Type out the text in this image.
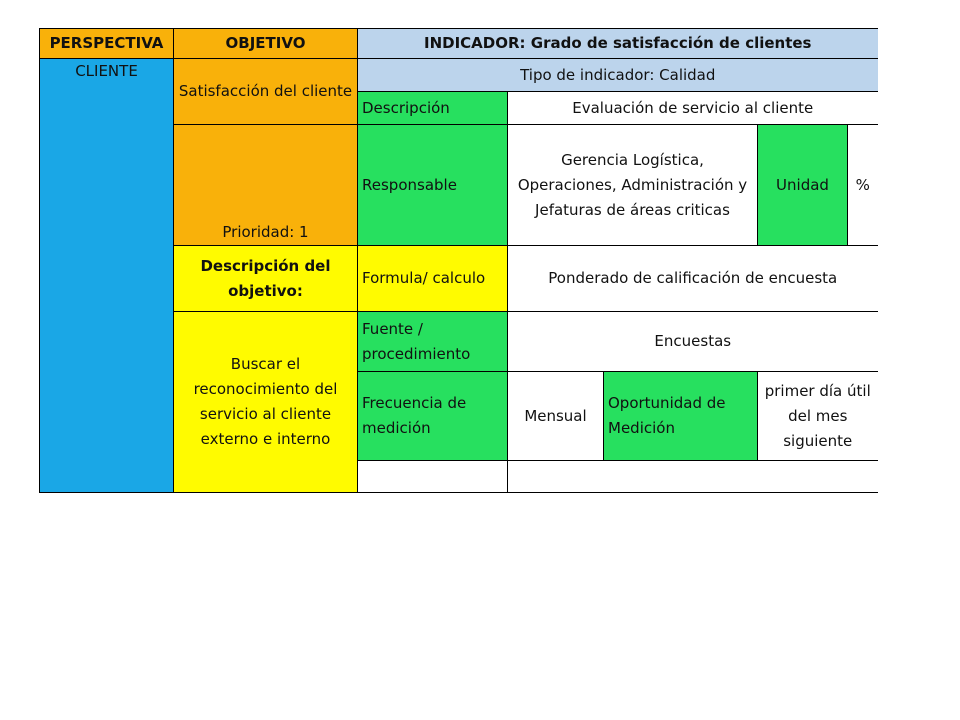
PERSPECTIVA	OBJETIVO	INDICADOR: Grado de satisfacción de clientes				
CLIENTE	Satisfacción del cliente	Tipo de indicador: Calidad				
		Descripción	Evaluación de servicio al cliente			
	Prioridad: 1	Responsable	Gerencia Logística, Operaciones, Administración y Jefaturas de áreas criticas		Unidad	%
	Descripción del objetivo:	Formula/ calculo	Ponderado de calificación de encuesta			
	Buscar el reconocimiento del servicio al cliente externo e interno	Fuente / procedimiento	Encuestas			
		Frecuencia de medición	Mensual	Oportunidad de Medición	primer día útil del mes siguiente	
